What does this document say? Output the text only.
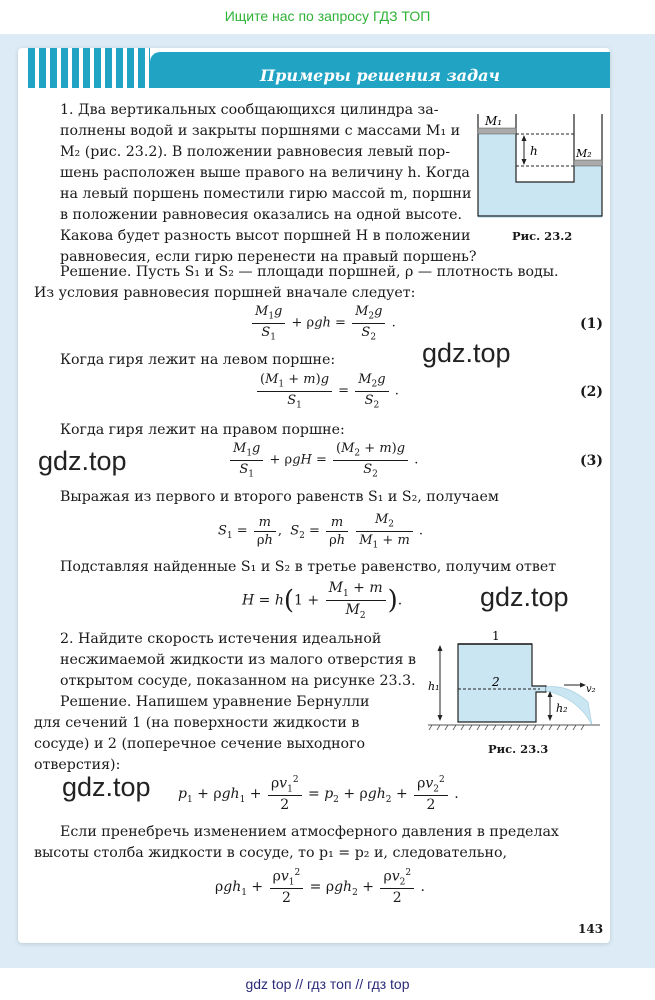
Ищите нас по запросу ГДЗ ТОП
Примеры решения задач
1. Два вертикальных сообщающихся цилиндра за-
полнены водой и закрыты поршнями с массами M₁ и
M₂ (рис. 23.2). В положении равновесия левый пор-
шень расположен выше правого на величину h. Когда
на левый поршень поместили гирю массой m, поршни
в положении равновесия оказались на одной высоте.
Какова будет разность высот поршней H в положении
равновесия, если гирю перенести на правый поршень?
M₁
M₂
h
Рис. 23.2
Решение. Пусть S₁ и S₂ — площади поршней, ρ — плотность воды.
Из условия равновесия поршней вначале следует:
$\frac{M_1g}{S_1} + \rho gh = \frac{M_2g}{S_2}$ .	(1)
Когда гиря лежит на левом поршне:
$\frac{(M_1 + m)g}{S_1} = \frac{M_2g}{S_2}$ .	(2)
Когда гиря лежит на правом поршне:
$\frac{M_1g}{S_1} + \rho gH = \frac{(M_2 + m)g}{S_2}$ .	(3)
Выражая из первого и второго равенств S₁ и S₂, получаем
$S_1 = \frac{m}{\rho h}$ ,  $S_2 = \frac{m}{\rho h}$
$\frac{M_2}{M_1 + m}$ .
Подставляя найденные S₁ и S₂ в третье равенство, получим ответ
$H = h(1 + \frac{M_1 + m}{M_2}$ ).
2. Найдите скорость истечения идеальной
несжимаемой жидкости из малого отверстия в
открытом сосуде, показанном на рисунке 23.3.
Решение. Напишем уравнение Бернулли
для сечений 1 (на поверхности жидкости в
сосуде) и 2 (поперечное сечение выходного
отверстия):
1
2
h₁
h₂
v₂
Рис. 23.3
$p_1 + \rho gh_1 + \frac{\rho v_1^2}{2} = p_2 + \rho gh_2 + \frac{\rho v_2^2}{2}$ .
Если пренебречь изменением атмосферного давления в пределах
высоты столба жидкости в сосуде, то p₁ = p₂ и, следовательно,
$\rho gh_1 + \frac{\rho v_1^2}{2} = \rho gh_2 + \frac{\rho v_2^2}{2}$ .
143
gdz.top
gdz.top
gdz.top
gdz.top
gdz top // гдз топ // гдз top
